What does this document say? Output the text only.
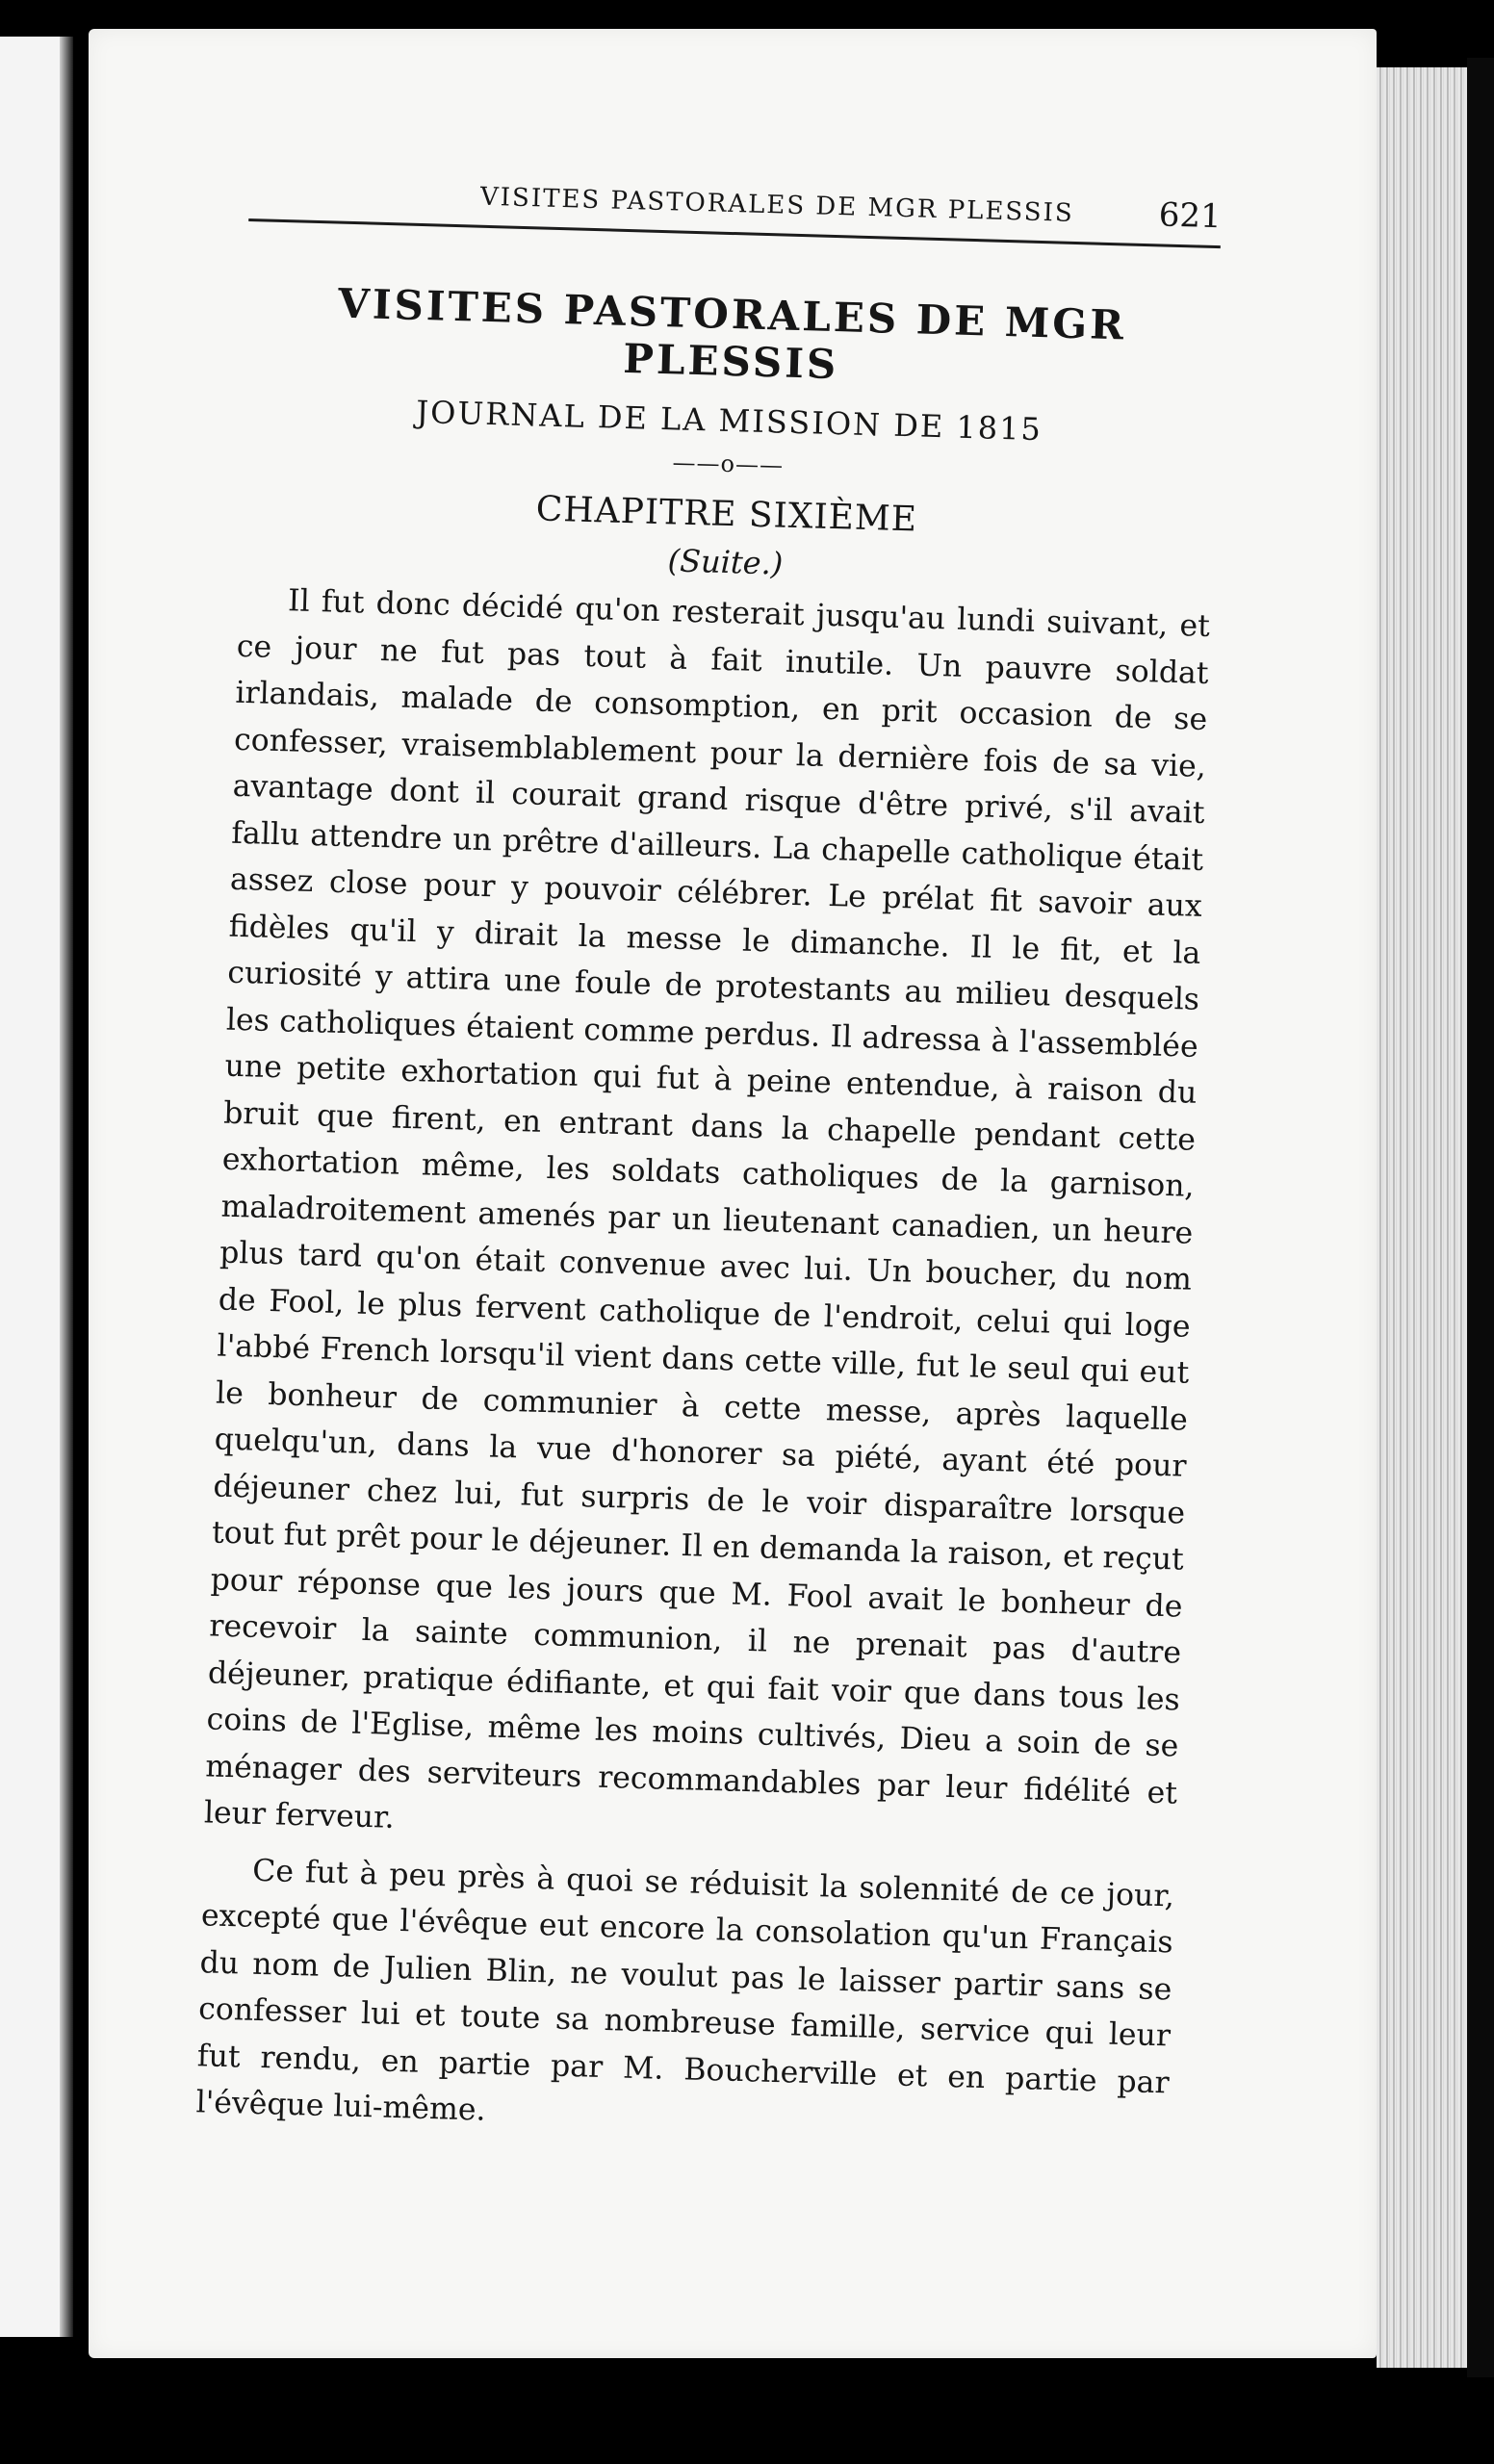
VISITES PASTORALES DE MGR PLESSIS	621
VISITES PASTORALES DE MGR PLESSIS
JOURNAL DE LA MISSION DE 1815
——o——
CHAPITRE SIXIÈME
(Suite.)

Il fut donc décidé qu'on resterait jusqu'au lundi suivant, et ce jour ne fut pas tout à fait inutile. Un pauvre soldat irlandais, malade de consomption, en prit occasion de se confesser, vraisemblablement pour la dernière fois de sa vie, avantage dont il courait grand risque d'être privé, s'il avait fallu attendre un prêtre d'ailleurs. La chapelle catholique était assez close pour y pouvoir célébrer. Le prélat fit savoir aux fidèles qu'il y dirait la messe le dimanche. Il le fit, et la curiosité y attira une foule de protestants au milieu desquels les catholiques étaient comme perdus. Il adressa à l'assemblée une petite exhortation qui fut à peine entendue, à raison du bruit que firent, en entrant dans la chapelle pendant cette exhortation même, les soldats catholiques de la garnison, maladroitement amenés par un lieutenant canadien, un heure plus tard qu'on était convenue avec lui. Un boucher, du nom de Fool, le plus fervent catholique de l'endroit, celui qui loge l'abbé French lorsqu'il vient dans cette ville, fut le seul qui eut le bonheur de communier à cette messe, après laquelle quelqu'un, dans la vue d'honorer sa piété, ayant été pour déjeuner chez lui, fut surpris de le voir disparaître lorsque tout fut prêt pour le déjeuner. Il en demanda la raison, et reçut pour réponse que les jours que M. Fool avait le bonheur de recevoir la sainte communion, il ne prenait pas d'autre déjeuner, pratique édifiante, et qui fait voir que dans tous les coins de l'Eglise, même les moins cultivés, Dieu a soin de se ménager des serviteurs recommandables par leur fidélité et leur ferveur.

Ce fut à peu près à quoi se réduisit la solennité de ce jour, excepté que l'évêque eut encore la consolation qu'un Français du nom de Julien Blin, ne voulut pas le laisser partir sans se confesser lui et toute sa nombreuse famille, service qui leur fut rendu, en partie par M. Boucherville et en partie par l'évêque lui-même.
